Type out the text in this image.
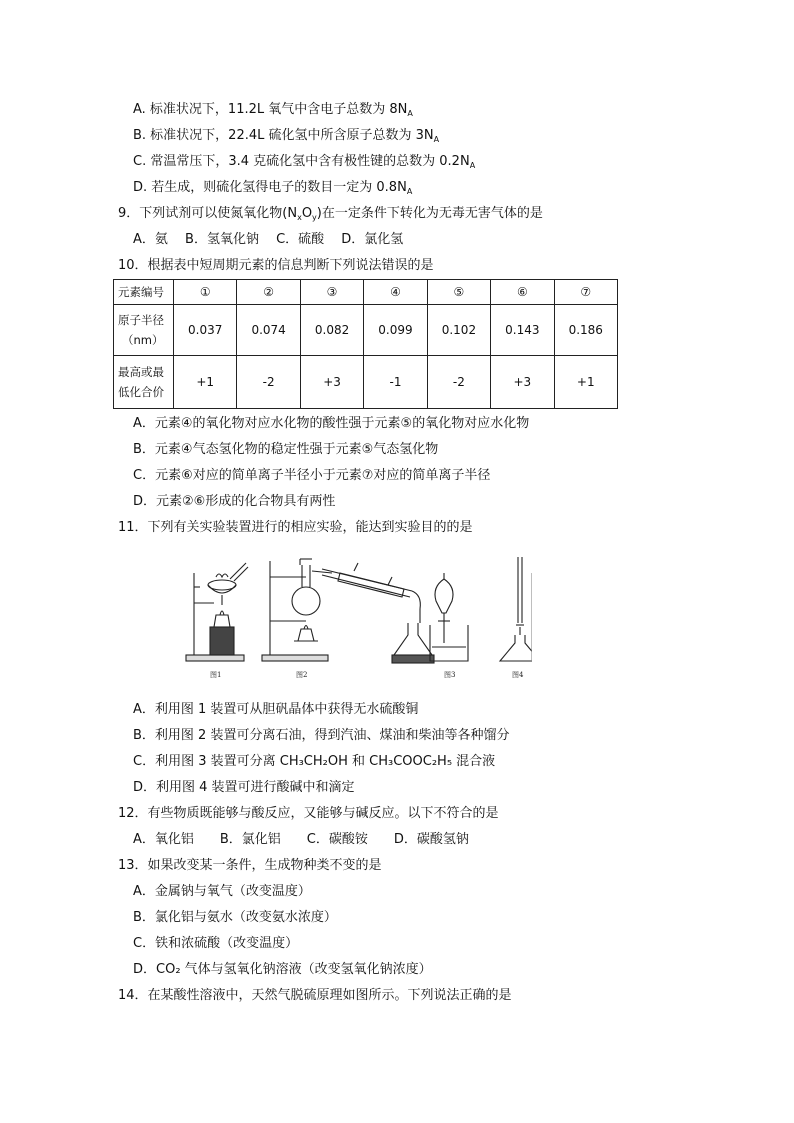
A. 标准状况下，11.2L 氧气中含电子总数为 $8N_A$
B. 标准状况下，22.4L 硫化氢中所含原子总数为 $3N_A$
C. 常温常压下，3.4 克硫化氢中含有极性键的总数为 $0.2N_A$
D. 若生成，则硫化氢得电子的数目一定为 $0.8N_A$
9．下列试剂可以使氮氧化物$(N_xO_y)$在一定条件下转化为无毒无害气体的是
A．氨　 B．氢氧化钠　 C．硫酸　 D．氯化氢
10．根据表中短周期元素的信息判断下列说法错误的是
元素编号	①	②	③	④	⑤	⑥	⑦

原子半径
（nm）	0.037	0.074	0.082	0.099	0.102	0.143	0.186

最高或最
低化合价	+1	-2	+3	-1	-2	+3	+1
A．元素④的氧化物对应水化物的酸性强于元素⑤的氧化物对应水化物
B．元素④气态氢化物的稳定性强于元素⑤气态氢化物
C．元素⑥对应的简单离子半径小于元素⑦对应的简单离子半径
D．元素②⑥形成的化合物具有两性
11．下列有关实验装置进行的相应实验，能达到实验目的的是
图1	图2	图3	图4
A．利用图 1 装置可从胆矾晶体中获得无水硫酸铜
B．利用图 2 装置可分离石油，得到汽油、煤油和柴油等各种馏分
C．利用图 3 装置可分离 CH₃CH₂OH 和 CH₃COOC₂H₅ 混合液
D．利用图 4 装置可进行酸碱中和滴定
12．有些物质既能够与酸反应，又能够与碱反应。以下不符合的是
A．氧化铝　　B．氯化铝　　C．碳酸铵　　D．碳酸氢钠
13．如果改变某一条件，生成物种类不变的是
A．金属钠与氧气（改变温度）
B．氯化铝与氨水（改变氨水浓度）
C．铁和浓硫酸（改变温度）
D．CO₂ 气体与氢氧化钠溶液（改变氢氧化钠浓度）
14．在某酸性溶液中，天然气脱硫原理如图所示。下列说法正确的是
